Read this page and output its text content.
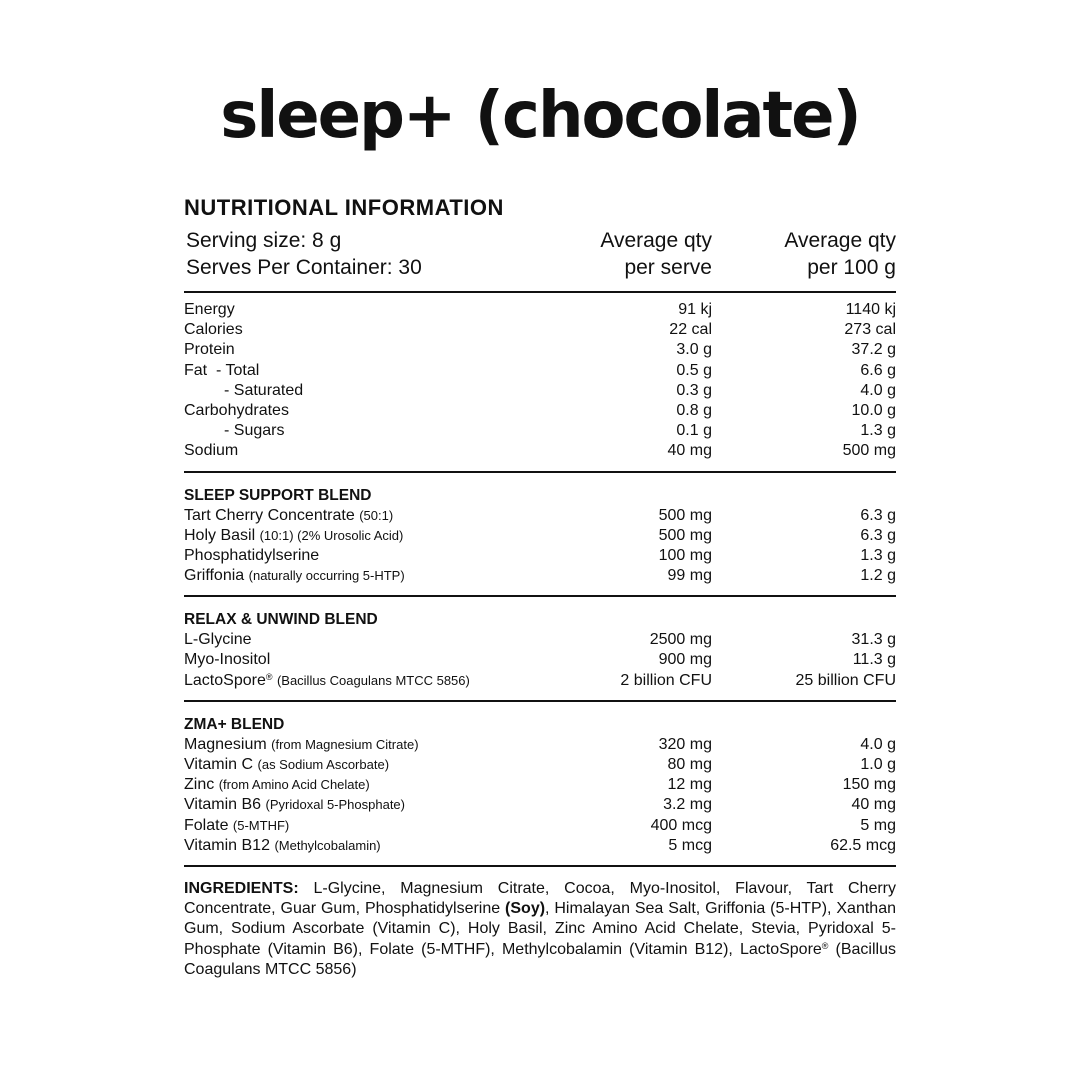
sleep+ (chocolate)
NUTRITIONAL INFORMATION
Serving size: 8 g
Serves Per Container: 30
Average qty
per serve
Average qty
per 100 g
Energy	91 kj	1140 kj
Calories	22 cal	273 cal
Protein	3.0 g	37.2 g
Fat  - Total	0.5 g	6.6 g
- Saturated	0.3 g	4.0 g
Carbohydrates	0.8 g	10.0 g
- Sugars	0.1 g	1.3 g
Sodium	40 mg	500 mg
SLEEP SUPPORT BLEND
Tart Cherry Concentrate (50:1)	500 mg	6.3 g
Holy Basil (10:1) (2% Urosolic Acid)	500 mg	6.3 g
Phosphatidylserine	100 mg	1.3 g
Griffonia (naturally occurring 5-HTP)	99 mg	1.2 g
RELAX & UNWIND BLEND
L-Glycine	2500 mg	31.3 g
Myo-Inositol	900 mg	11.3 g
LactoSpore® (Bacillus Coagulans MTCC 5856)	2 billion CFU	25 billion CFU
ZMA+ BLEND
Magnesium (from Magnesium Citrate)	320 mg	4.0 g
Vitamin C (as Sodium Ascorbate)	80 mg	1.0 g
Zinc (from Amino Acid Chelate)	12 mg	150 mg
Vitamin B6 (Pyridoxal 5-Phosphate)	3.2 mg	40 mg
Folate (5-MTHF)	400 mcg	5 mg
Vitamin B12 (Methylcobalamin)	5 mcg	62.5 mcg
INGREDIENTS: L-Glycine, Magnesium Citrate, Cocoa, Myo-Inositol, Flavour, Tart Cherry Concentrate, Guar Gum, Phosphatidylserine (Soy), Himalayan Sea Salt, Griffonia (5-HTP), Xanthan Gum, Sodium Ascorbate (Vitamin C), Holy Basil, Zinc Amino Acid Chelate, Stevia, Pyridoxal 5-Phosphate (Vitamin B6), Folate (5-MTHF), Methylcobalamin (Vitamin B12), LactoSpore® (Bacillus Coagulans MTCC 5856)
